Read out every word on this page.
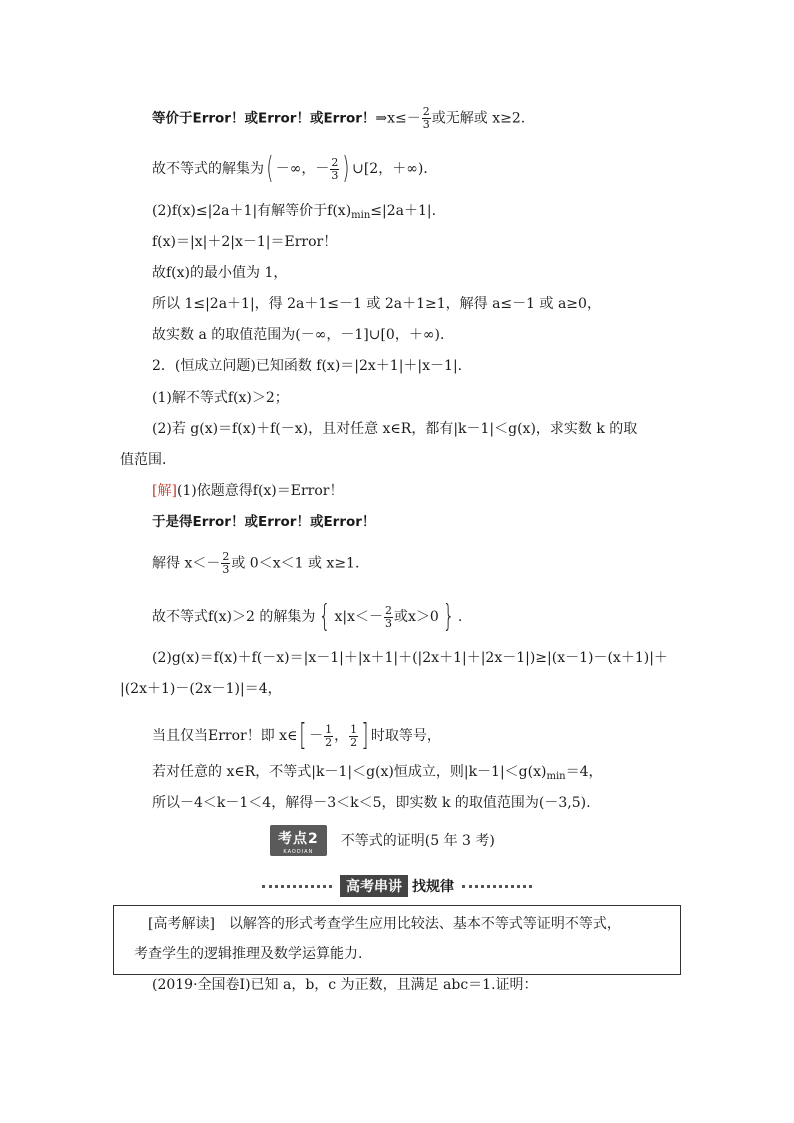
等价于Error！或Error！或Error！⇒x≤－ $\frac{2}{3}$ 或无解或 x≥2.
故不等式的解集为( －∞，－ $\frac{2}{3}$ ) ∪[2，＋∞)．
(2)f(x)≤|2a＋1|有解等价于$f(x)_{min}\le|2a+1|$.
f(x)＝|x|＋2|x－1|＝Error！
故f(x)的最小值为 1，
所以 1≤|2a＋1|，得 2a＋1≤－1 或 2a＋1≥1，解得 a≤－1 或 a≥0，
故实数 a 的取值范围为(－∞，－1]∪[0，＋∞)．
2．(恒成立问题)已知函数 f(x)＝|2x＋1|＋|x－1|.
(1)解不等式f(x)＞2；
(2)若 g(x)＝f(x)＋f(－x)，且对任意 x∈R，都有|k－1|＜g(x)，求实数 k 的取
值范围．
[解](1)依题意得f(x)＝Error！
于是得Error！或Error！或Error！
解得 $x<- \frac{2}{3}$ 或 0＜x＜1 或 x≥1.
故不等式f(x)＞2 的解集为 { $x|x<- \frac{2}{3}$ 或x＞0 } .
(2)g(x)＝f(x)＋f(－x)＝|x－1|＋|x＋1|＋(|2x＋1|＋|2x－1|)≥|(x－1)－(x＋1)|＋
|(2x＋1)－(2x－1)|＝4，
当且仅当Error！即 x∈[ － $\frac{1}{2}$ ， $\frac{1}{2}$ ] 时取等号，
若对任意的 x∈R，不等式|k－1|＜g(x)恒成立，则$|k-1|<g(x)_{min}=4$，
所以－4＜k－1＜4，解得－3＜k＜5，即实数 k 的取值范围为(－3,5).
考点2
KAODIAN
不等式的证明(5 年 3 考)
高考串讲 找规律
[高考解读]　以解答的形式考查学生应用比较法、基本不等式等证明不等式，
考查学生的逻辑推理及数学运算能力.
(2019·全国卷Ⅰ)已知 a，b，c 为正数，且满足 abc＝1.证明：
